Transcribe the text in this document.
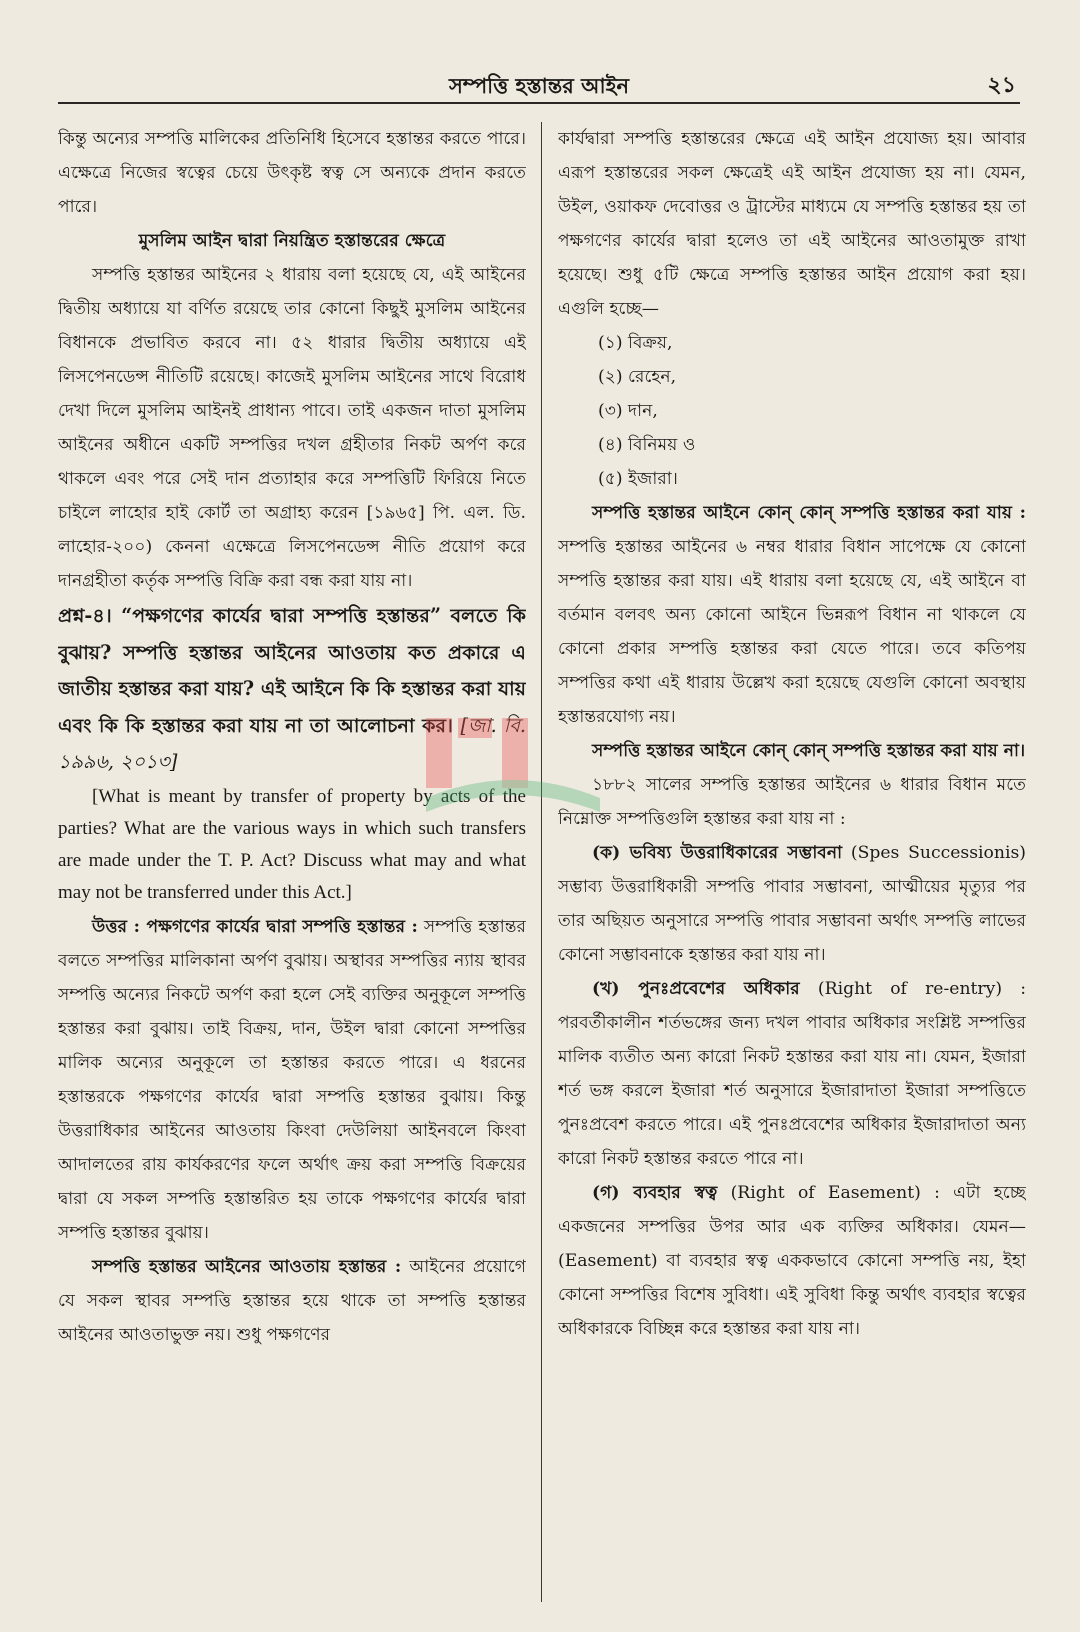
সম্পত্তি হস্তান্তর আইন	২১

কিন্তু অন্যের সম্পত্তি মালিকের প্রতিনিধি হিসেবে হস্তান্তর করতে পারে। এক্ষেত্রে নিজের স্বত্বের চেয়ে উৎকৃষ্ট স্বত্ব সে অন্যকে প্রদান করতে পারে।

মুসলিম আইন দ্বারা নিয়ন্ত্রিত হস্তান্তরের ক্ষেত্রে

সম্পত্তি হস্তান্তর আইনের ২ ধারায় বলা হয়েছে যে, এই আইনের দ্বিতীয় অধ্যায়ে যা বর্ণিত রয়েছে তার কোনো কিছুই মুসলিম আইনের বিধানকে প্রভাবিত করবে না। ৫২ ধারার দ্বিতীয় অধ্যায়ে এই লিসপেনডেন্স নীতিটি রয়েছে। কাজেই মুসলিম আইনের সাথে বিরোধ দেখা দিলে মুসলিম আইনই প্রাধান্য পাবে। তাই একজন দাতা মুসলিম আইনের অধীনে একটি সম্পত্তির দখল গ্রহীতার নিকট অর্পণ করে থাকলে এবং পরে সেই দান প্রত্যাহার করে সম্পত্তিটি ফিরিয়ে নিতে চাইলে লাহোর হাই কোর্ট তা অগ্রাহ্য করেন [১৯৬৫] পি. এল. ডি. লাহোর-২০০) কেননা এক্ষেত্রে লিসপেনডেন্স নীতি প্রয়োগ করে দানগ্রহীতা কর্তৃক সম্পত্তি বিক্রি করা বন্ধ করা যায় না।

প্রশ্ন-৪। “পক্ষগণের কার্যের দ্বারা সম্পত্তি হস্তান্তর” বলতে কি বুঝায়? সম্পত্তি হস্তান্তর আইনের আওতায় কত প্রকারে এ জাতীয় হস্তান্তর করা যায়? এই আইনে কি কি হস্তান্তর করা যায় এবং কি কি হস্তান্তর করা যায় না তা আলোচনা কর। [জা. বি. ১৯৯৬, ২০১৩]

[What is meant by transfer of property by acts of the parties? What are the various ways in which such transfers are made under the T. P. Act? Discuss what may and what may not be transferred under this Act.]

উত্তর : পক্ষগণের কার্যের দ্বারা সম্পত্তি হস্তান্তর : সম্পত্তি হস্তান্তর বলতে সম্পত্তির মালিকানা অর্পণ বুঝায়। অস্থাবর সম্পত্তির ন্যায় স্থাবর সম্পত্তি অন্যের নিকটে অর্পণ করা হলে সেই ব্যক্তির অনুকূলে সম্পত্তি হস্তান্তর করা বুঝায়। তাই বিক্রয়, দান, উইল দ্বারা কোনো সম্পত্তির মালিক অন্যের অনুকূলে তা হস্তান্তর করতে পারে। এ ধরনের হস্তান্তরকে পক্ষগণের কার্যের দ্বারা সম্পত্তি হস্তান্তর বুঝায়। কিন্তু উত্তরাধিকার আইনের আওতায় কিংবা দেউলিয়া আইনবলে কিংবা আদালতের রায় কার্যকরণের ফলে অর্থাৎ ক্রয় করা সম্পত্তি বিক্রয়ের দ্বারা যে সকল সম্পত্তি হস্তান্তরিত হয় তাকে পক্ষগণের কার্যের দ্বারা সম্পত্তি হস্তান্তর বুঝায়।

সম্পত্তি হস্তান্তর আইনের আওতায় হস্তান্তর : আইনের প্রয়োগে যে সকল স্থাবর সম্পত্তি হস্তান্তর হয়ে থাকে তা সম্পত্তি হস্তান্তর আইনের আওতাভুক্ত নয়। শুধু পক্ষগণের

কার্যদ্বারা সম্পত্তি হস্তান্তরের ক্ষেত্রে এই আইন প্রযোজ্য হয়। আবার এরূপ হস্তান্তরের সকল ক্ষেত্রেই এই আইন প্রযোজ্য হয় না। যেমন, উইল, ওয়াকফ দেবোত্তর ও ট্রাস্টের মাধ্যমে যে সম্পত্তি হস্তান্তর হয় তা পক্ষগণের কার্যের দ্বারা হলেও তা এই আইনের আওতামুক্ত রাখা হয়েছে। শুধু ৫টি ক্ষেত্রে সম্পত্তি হস্তান্তর আইন প্রয়োগ করা হয়। এগুলি হচ্ছে—

(১) বিক্রয়,
(২) রেহেন,
(৩) দান,
(৪) বিনিময় ও
(৫) ইজারা।

সম্পত্তি হস্তান্তর আইনে কোন্ কোন্ সম্পত্তি হস্তান্তর করা যায় : সম্পত্তি হস্তান্তর আইনের ৬ নম্বর ধারার বিধান সাপেক্ষে যে কোনো সম্পত্তি হস্তান্তর করা যায়। এই ধারায় বলা হয়েছে যে, এই আইনে বা বর্তমান বলবৎ অন্য কোনো আইনে ভিন্নরূপ বিধান না থাকলে যে কোনো প্রকার সম্পত্তি হস্তান্তর করা যেতে পারে। তবে কতিপয় সম্পত্তির কথা এই ধারায় উল্লেখ করা হয়েছে যেগুলি কোনো অবস্থায় হস্তান্তরযোগ্য নয়।

সম্পত্তি হস্তান্তর আইনে কোন্ কোন্ সম্পত্তি হস্তান্তর করা যায় না।

১৮৮২ সালের সম্পত্তি হস্তান্তর আইনের ৬ ধারার বিধান মতে নিম্নোক্ত সম্পত্তিগুলি হস্তান্তর করা যায় না :

(ক) ভবিষ্য উত্তরাধিকারের সম্ভাবনা (Spes Successionis) সম্ভাব্য উত্তরাধিকারী সম্পত্তি পাবার সম্ভাবনা, আত্মীয়ের মৃত্যুর পর তার অছিয়ত অনুসারে সম্পত্তি পাবার সম্ভাবনা অর্থাৎ সম্পত্তি লাভের কোনো সম্ভাবনাকে হস্তান্তর করা যায় না।

(খ) পুনঃপ্রবেশের অধিকার (Right of re-entry) : পরবর্তীকালীন শর্তভঙ্গের জন্য দখল পাবার অধিকার সংশ্লিষ্ট সম্পত্তির মালিক ব্যতীত অন্য কারো নিকট হস্তান্তর করা যায় না। যেমন, ইজারা শর্ত ভঙ্গ করলে ইজারা শর্ত অনুসারে ইজারাদাতা ইজারা সম্পত্তিতে পুনঃপ্রবেশ করতে পারে। এই পুনঃপ্রবেশের অধিকার ইজারাদাতা অন্য কারো নিকট হস্তান্তর করতে পারে না।

(গ) ব্যবহার স্বত্ব (Right of Easement) : এটা হচ্ছে একজনের সম্পত্তির উপর আর এক ব্যক্তির অধিকার। যেমন— (Easement) বা ব্যবহার স্বত্ব এককভাবে কোনো সম্পত্তি নয়, ইহা কোনো সম্পত্তির বিশেষ সুবিধা। এই সুবিধা কিন্তু অর্থাৎ ব্যবহার স্বত্বের অধিকারকে বিচ্ছিন্ন করে হস্তান্তর করা যায় না।
